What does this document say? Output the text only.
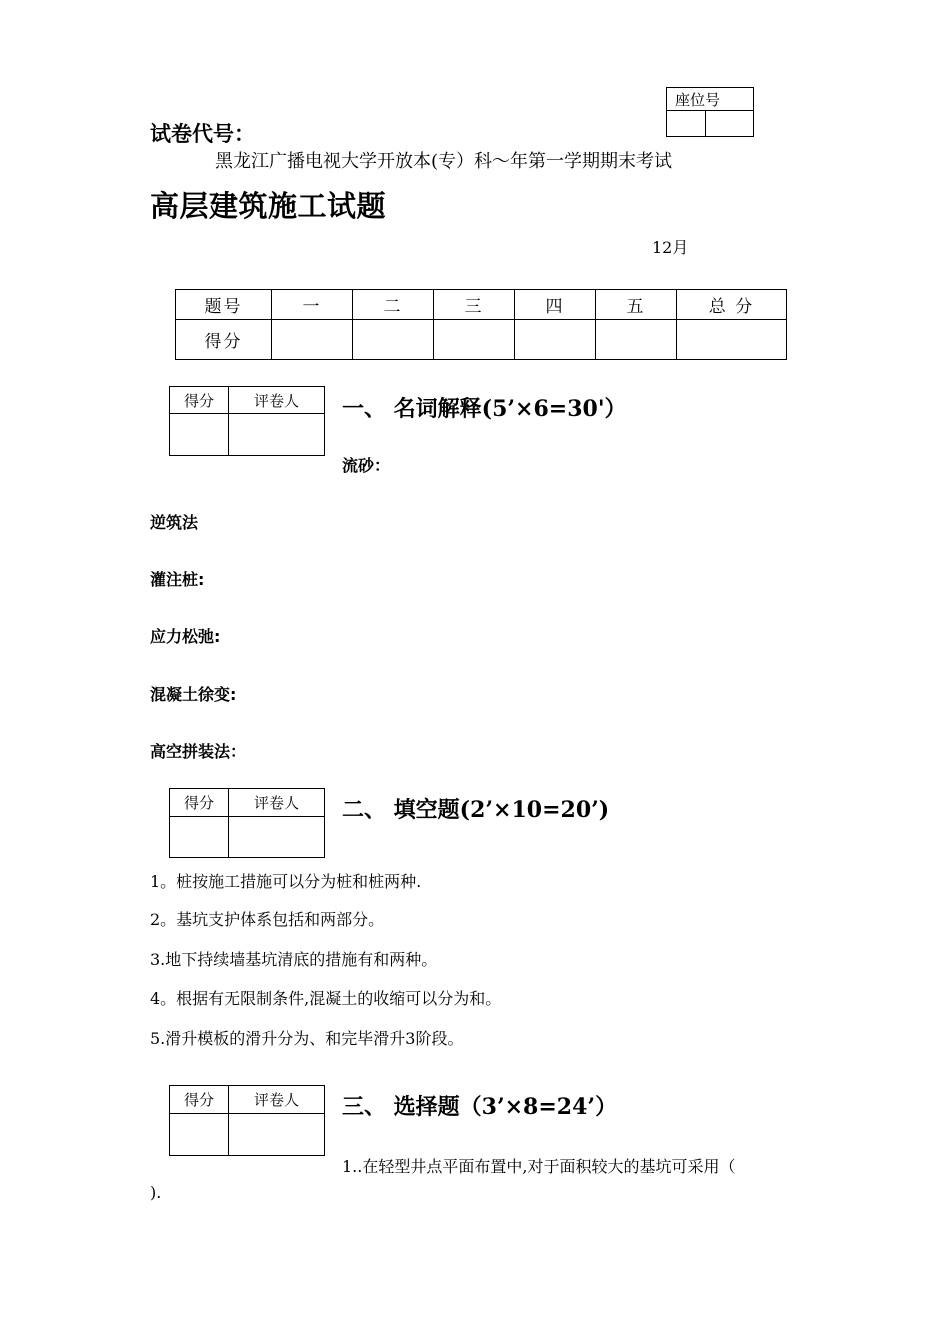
座位号

试卷代号：
黑龙江广播电视大学开放本(专）科～年第一学期期末考试
高层建筑施工试题
12月
题号	一	二	三	四	五	总 分
得分						
得分	评卷人
	一、 名词解释(5’×6=30'）
流砂：
逆筑法
灌注桩:
应力松弛:
混凝土徐变:
高空拼装法：
得分	评卷人
	二、 填空题(2’×10=20’)
1。桩按施工措施可以分为桩和桩两种.
2。基坑支护体系包括和两部分。
3.地下持续墙基坑清底的措施有和两种。
4。根据有无限制条件,混凝土的收缩可以分为和。
5.滑升模板的滑升分为、和完毕滑升3阶段。
得分	评卷人
	三、 选择题（3’×8=24’）
1..在轻型井点平面布置中,对于面积较大的基坑可采用（
).
